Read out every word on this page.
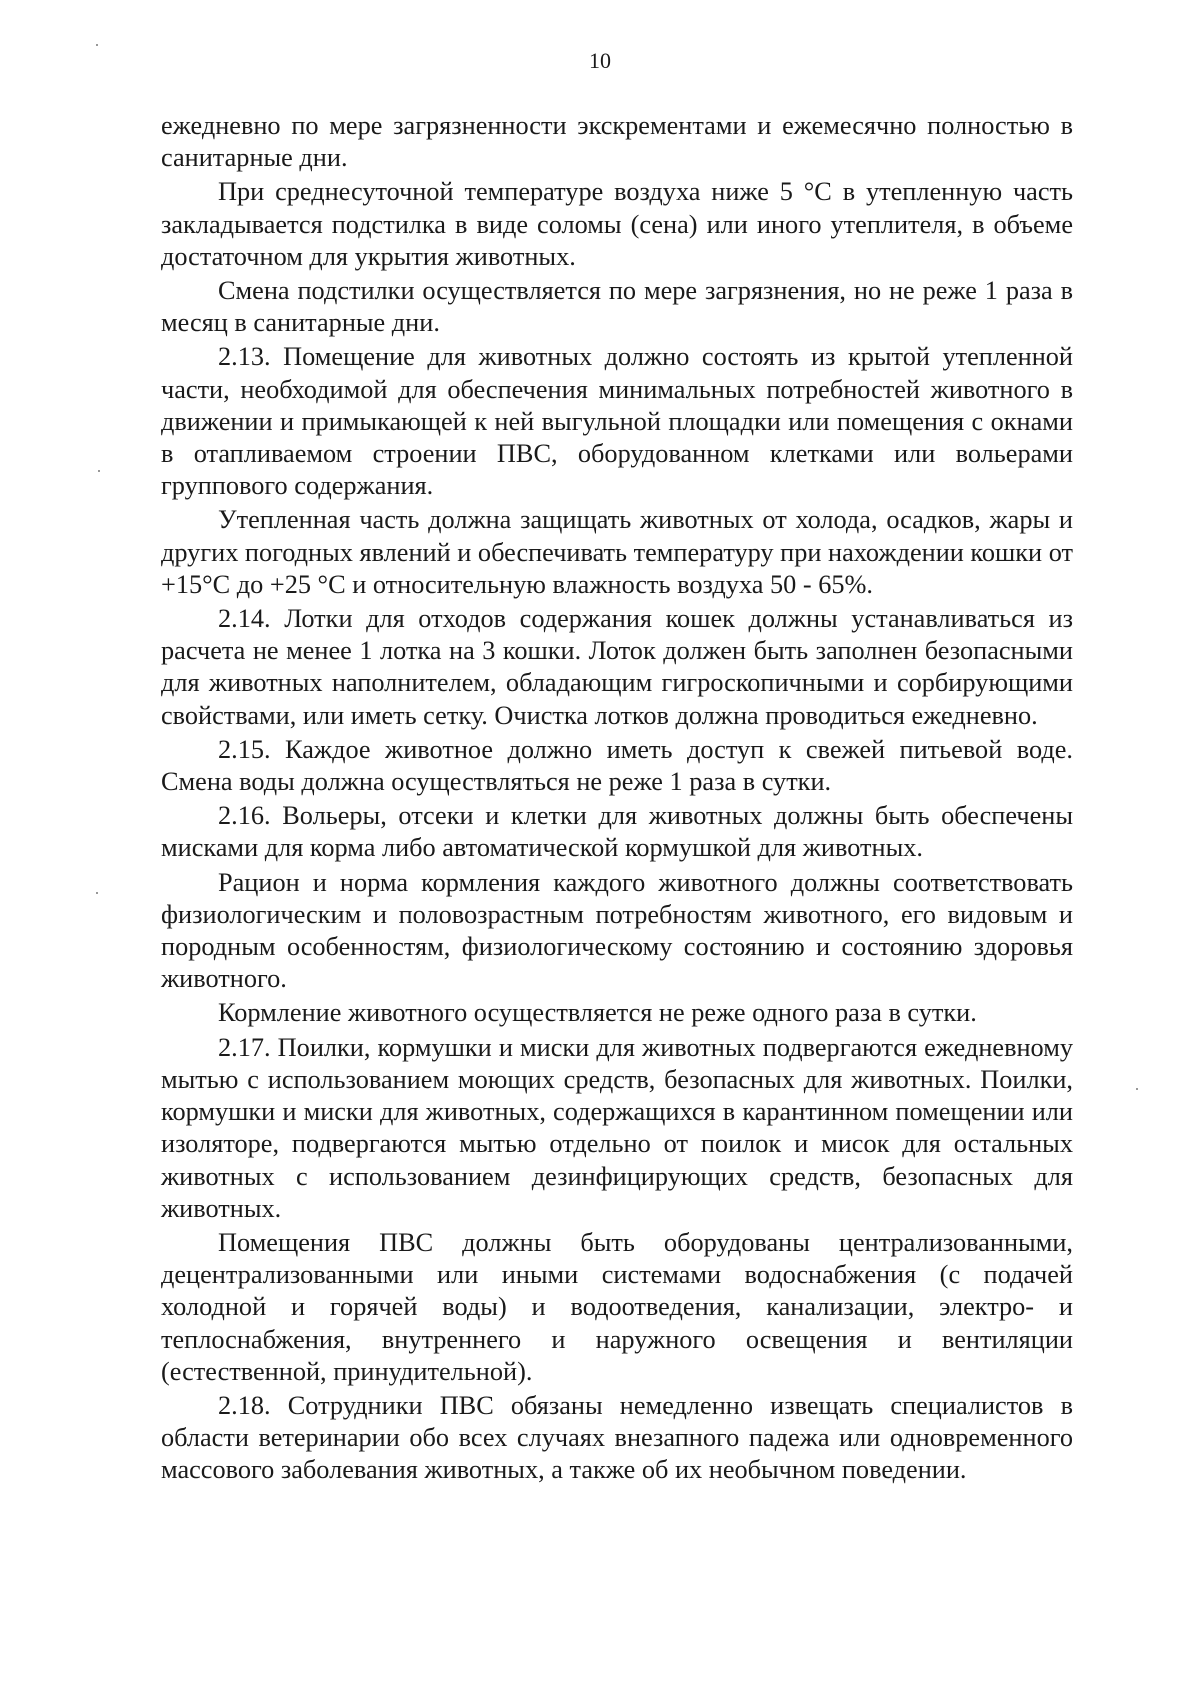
10

ежедневно по мере загрязненности экскрементами и ежемесячно полностью в санитарные дни.

При среднесуточной температуре воздуха ниже 5 °C в утепленную часть закладывается подстилка в виде соломы (сена) или иного утеплителя, в объеме достаточном для укрытия животных.

Смена подстилки осуществляется по мере загрязнения, но не реже 1 раза в месяц в санитарные дни.

2.13. Помещение для животных должно состоять из крытой утепленной части, необходимой для обеспечения минимальных потребностей животного в движении и примыкающей к ней выгульной площадки или помещения с окнами в отапливаемом строении ПВС, оборудованном клетками или вольерами группового содержания.

Утепленная часть должна защищать животных от холода, осадков, жары и других погодных явлений и обеспечивать температуру при нахождении кошки от +15°C до +25 °C и относительную влажность воздуха 50 - 65%.

2.14. Лотки для отходов содержания кошек должны устанавливаться из расчета не менее 1 лотка на 3 кошки. Лоток должен быть заполнен безопасными для животных наполнителем, обладающим гигроскопичными и сорбирующими свойствами, или иметь сетку. Очистка лотков должна проводиться ежедневно.

2.15. Каждое животное должно иметь доступ к свежей питьевой воде. Смена воды должна осуществляться не реже 1 раза в сутки.

2.16. Вольеры, отсеки и клетки для животных должны быть обеспечены мисками для корма либо автоматической кормушкой для животных.

Рацион и норма кормления каждого животного должны соответствовать физиологическим и половозрастным потребностям животного, его видовым и породным особенностям, физиологическому состоянию и состоянию здоровья животного.

Кормление животного осуществляется не реже одного раза в сутки.

2.17. Поилки, кормушки и миски для животных подвергаются ежедневному мытью с использованием моющих средств, безопасных для животных. Поилки, кормушки и миски для животных, содержащихся в карантинном помещении или изоляторе, подвергаются мытью отдельно от поилок и мисок для остальных животных с использованием дезинфицирующих средств, безопасных для животных.

Помещения ПВС должны быть оборудованы централизованными, децентрализованными или иными системами водоснабжения (с подачей холодной и горячей воды) и водоотведения, канализации, электро- и теплоснабжения, внутреннего и наружного освещения и вентиляции (естественной, принудительной).

2.18. Сотрудники ПВС обязаны немедленно извещать специалистов в области ветеринарии обо всех случаях внезапного падежа или одновременного массового заболевания животных, а также об их необычном поведении.
